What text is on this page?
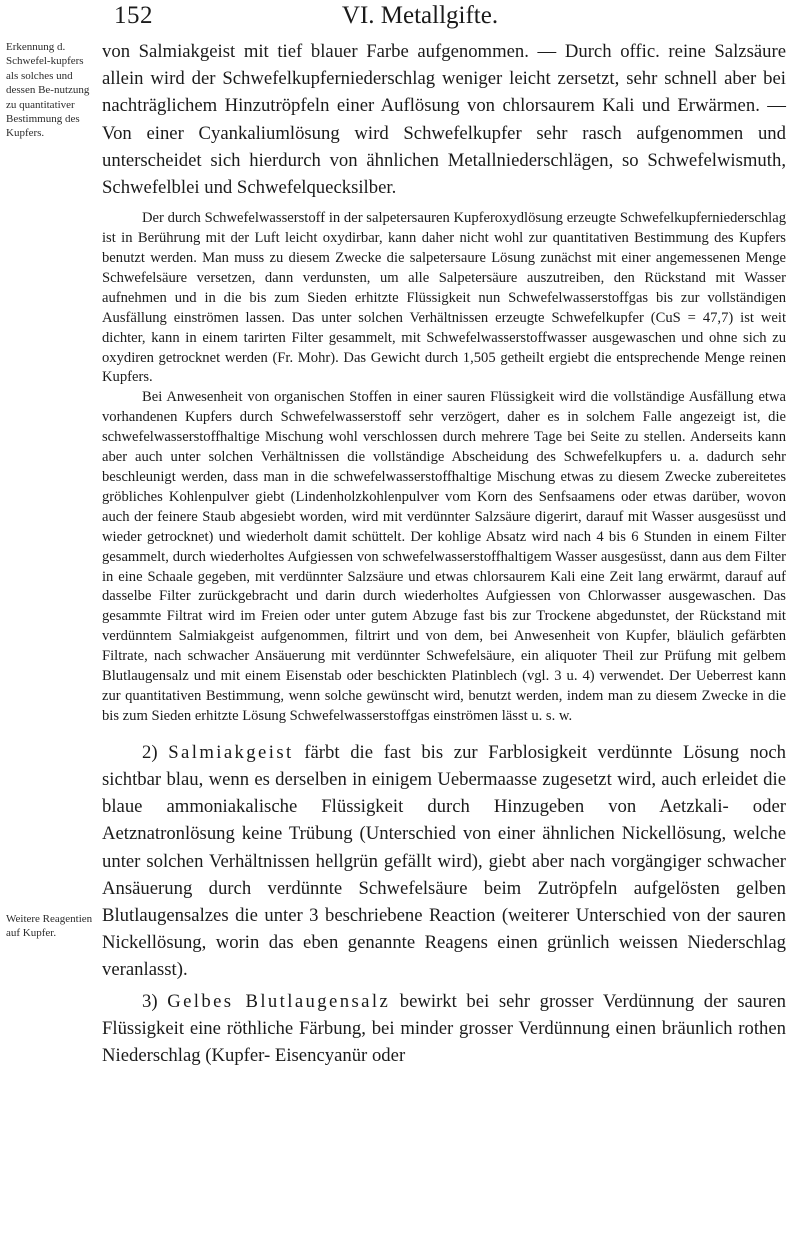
152	VI. Metallgifte.
Erkennung d. Schwefel-kupfers als solches und dessen Be-nutzung zu quantitativer Bestimmung des Kupfers.
Weitere Reagentien auf Kupfer.

von Salmiakgeist mit tief blauer Farbe aufgenommen. — Durch offic. reine Salzsäure allein wird der Schwefelkupferniederschlag weniger leicht zersetzt, sehr schnell aber bei nachträglichem Hinzutröpfeln einer Auflösung von chlorsaurem Kali und Erwärmen. — Von einer Cyankaliumlösung wird Schwefelkupfer sehr rasch aufgenommen und unterscheidet sich hierdurch von ähnlichen Metallniederschlägen, so Schwefelwismuth, Schwefelblei und Schwefelquecksilber.

Der durch Schwefelwasserstoff in der salpetersauren Kupferoxydlösung erzeugte Schwefelkupferniederschlag ist in Berührung mit der Luft leicht oxydirbar, kann daher nicht wohl zur quantitativen Bestimmung des Kupfers benutzt werden. Man muss zu diesem Zwecke die salpetersaure Lösung zunächst mit einer angemessenen Menge Schwefelsäure versetzen, dann verdunsten, um alle Salpetersäure auszutreiben, den Rückstand mit Wasser aufnehmen und in die bis zum Sieden erhitzte Flüssigkeit nun Schwefelwasserstoffgas bis zur vollständigen Ausfällung einströmen lassen. Das unter solchen Verhältnissen erzeugte Schwefelkupfer (CuS = 47,7) ist weit dichter, kann in einem tarirten Filter gesammelt, mit Schwefelwasserstoffwasser ausgewaschen und ohne sich zu oxydiren getrocknet werden (Fr. Mohr). Das Gewicht durch 1,505 getheilt ergiebt die entsprechende Menge reinen Kupfers.

Bei Anwesenheit von organischen Stoffen in einer sauren Flüssigkeit wird die vollständige Ausfällung etwa vorhandenen Kupfers durch Schwefelwasserstoff sehr verzögert, daher es in solchem Falle angezeigt ist, die schwefelwasserstoffhaltige Mischung wohl verschlossen durch mehrere Tage bei Seite zu stellen. Anderseits kann aber auch unter solchen Verhältnissen die vollständige Abscheidung des Schwefelkupfers u. a. dadurch sehr beschleunigt werden, dass man in die schwefelwasserstoffhaltige Mischung etwas zu diesem Zwecke zubereitetes gröbliches Kohlenpulver giebt (Lindenholzkohlenpulver vom Korn des Senfsaamens oder etwas darüber, wovon auch der feinere Staub abgesiebt worden, wird mit verdünnter Salzsäure digerirt, darauf mit Wasser ausgesüsst und wieder getrocknet) und wiederholt damit schüttelt. Der kohlige Absatz wird nach 4 bis 6 Stunden in einem Filter gesammelt, durch wiederholtes Aufgiessen von schwefelwasserstoffhaltigem Wasser ausgesüsst, dann aus dem Filter in eine Schaale gegeben, mit verdünnter Salzsäure und etwas chlorsaurem Kali eine Zeit lang erwärmt, darauf auf dasselbe Filter zurückgebracht und darin durch wiederholtes Aufgiessen von Chlorwasser ausgewaschen. Das gesammte Filtrat wird im Freien oder unter gutem Abzuge fast bis zur Trockene abgedunstet, der Rückstand mit verdünntem Salmiakgeist aufgenommen, filtrirt und von dem, bei Anwesenheit von Kupfer, bläulich gefärbten Filtrate, nach schwacher Ansäuerung mit verdünnter Schwefelsäure, ein aliquoter Theil zur Prüfung mit gelbem Blutlaugensalz und mit einem Eisenstab oder beschickten Platinblech (vgl. 3 u. 4) verwendet. Der Ueberrest kann zur quantitativen Bestimmung, wenn solche gewünscht wird, benutzt werden, indem man zu diesem Zwecke in die bis zum Sieden erhitzte Lösung Schwefelwasserstoffgas einströmen lässt u. s. w.

2) Salmiakgeist färbt die fast bis zur Farblosigkeit verdünnte Lösung noch sichtbar blau, wenn es derselben in einigem Uebermaasse zugesetzt wird, auch erleidet die blaue ammoniakalische Flüssigkeit durch Hinzugeben von Aetzkali- oder Aetznatronlösung keine Trübung (Unterschied von einer ähnlichen Nickellösung, welche unter solchen Verhältnissen hellgrün gefällt wird), giebt aber nach vorgängiger schwacher Ansäuerung durch verdünnte Schwefelsäure beim Zutröpfeln aufgelösten gelben Blutlaugensalzes die unter 3 beschriebene Reaction (weiterer Unterschied von der sauren Nickellösung, worin das eben genannte Reagens einen grünlich weissen Niederschlag veranlasst).

3) Gelbes Blutlaugensalz bewirkt bei sehr grosser Verdünnung der sauren Flüssigkeit eine röthliche Färbung, bei minder grosser Verdünnung einen bräunlich rothen Niederschlag (Kupfer- Eisencyanür oder
